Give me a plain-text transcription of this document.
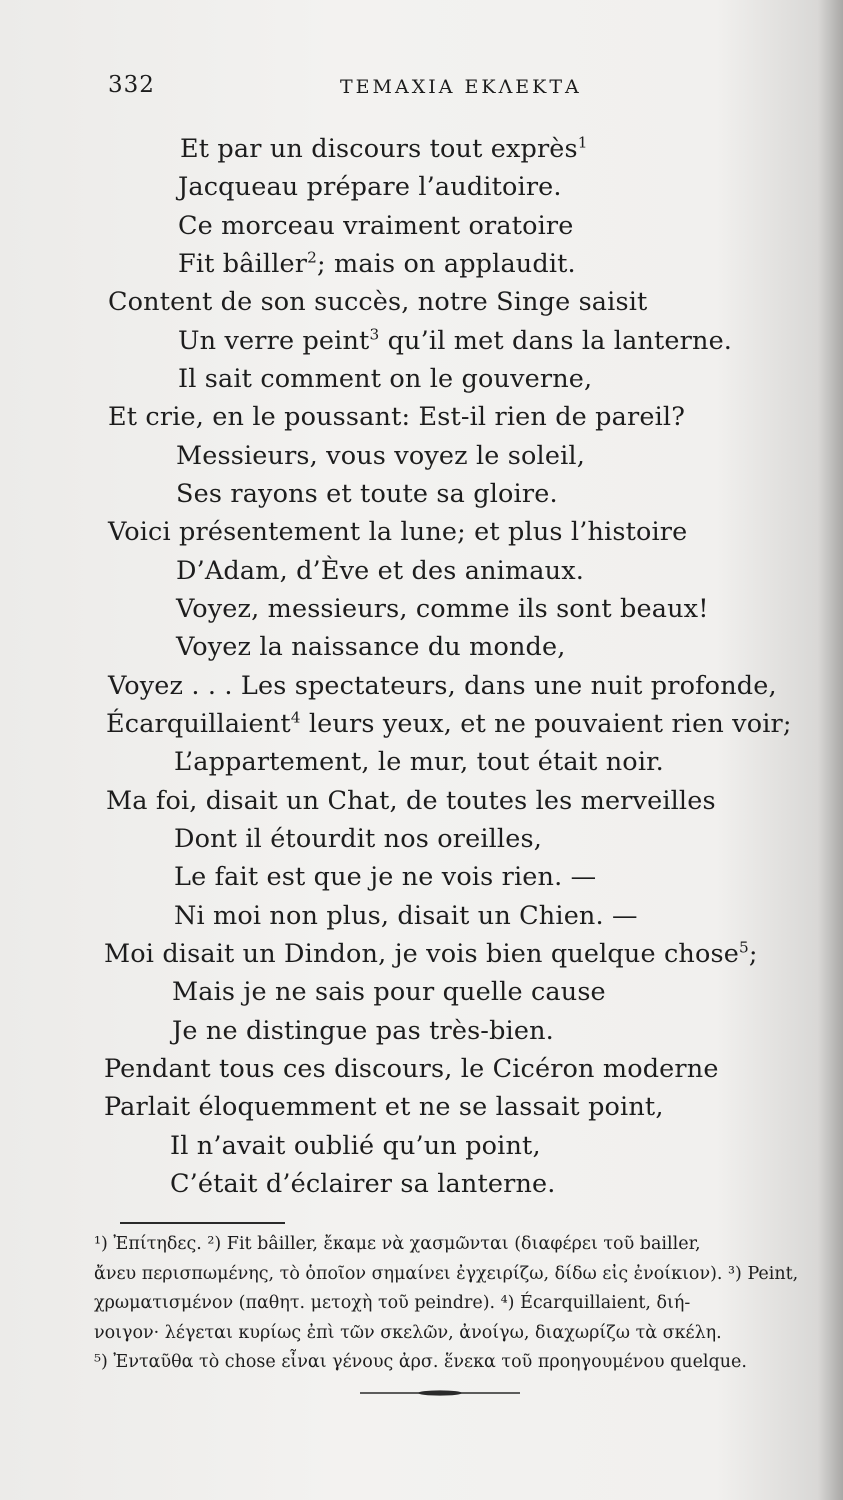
332	ΤΕΜΑΧΙΑ ΕΚΛΕΚΤΑ
Et par un discours tout exprès$^1$
Jacqueau prépare l’auditoire.
Ce morceau vraiment oratoire
Fit bâiller$^2$; mais on applaudit.
Content de son succès, notre Singe saisit
Un verre peint$^3$ qu’il met dans la lanterne.
Il sait comment on le gouverne,
Et crie, en le poussant: Est-il rien de pareil?
Messieurs, vous voyez le soleil,
Ses rayons et toute sa gloire.
Voici présentement la lune; et plus l’histoire
D’Adam, d’Ève et des animaux.
Voyez, messieurs, comme ils sont beaux!
Voyez la naissance du monde,
Voyez . . . Les spectateurs, dans une nuit profonde,
Écarquillaient$^4$ leurs yeux, et ne pouvaient rien voir;
L’appartement, le mur, tout était noir.
Ma foi, disait un Chat, de toutes les merveilles
Dont il étourdit nos oreilles,
Le fait est que je ne vois rien. —
Ni moi non plus, disait un Chien. —
Moi disait un Dindon, je vois bien quelque chose$^5$;
Mais je ne sais pour quelle cause
Je ne distingue pas très-bien.
Pendant tous ces discours, le Cicéron moderne
Parlait éloquemment et ne se lassait point,
Il n’avait oublié qu’un point,
C’était d’éclairer sa lanterne.
¹) Ἐπίτηδες. ²) Fit bâiller, ἔκαμε νὰ χασμῶνται (διαφέρει τοῦ bailler,
ἄνευ περισπωμένης, τὸ ὁποῖον σημαίνει ἐγχειρίζω, δίδω εἰς ἐνοίκιον). ³) Peint,
χρωματισμένον (παθητ. μετοχὴ τοῦ peindre). ⁴) Écarquillaient, διή-
νοιγον· λέγεται κυρίως ἐπὶ τῶν σκελῶν, ἀνοίγω, διαχωρίζω τὰ σκέλη.
⁵) Ἐνταῦθα τὸ chose εἶναι γένους ἀρσ. ἕνεκα τοῦ προηγουμένου quelque.
